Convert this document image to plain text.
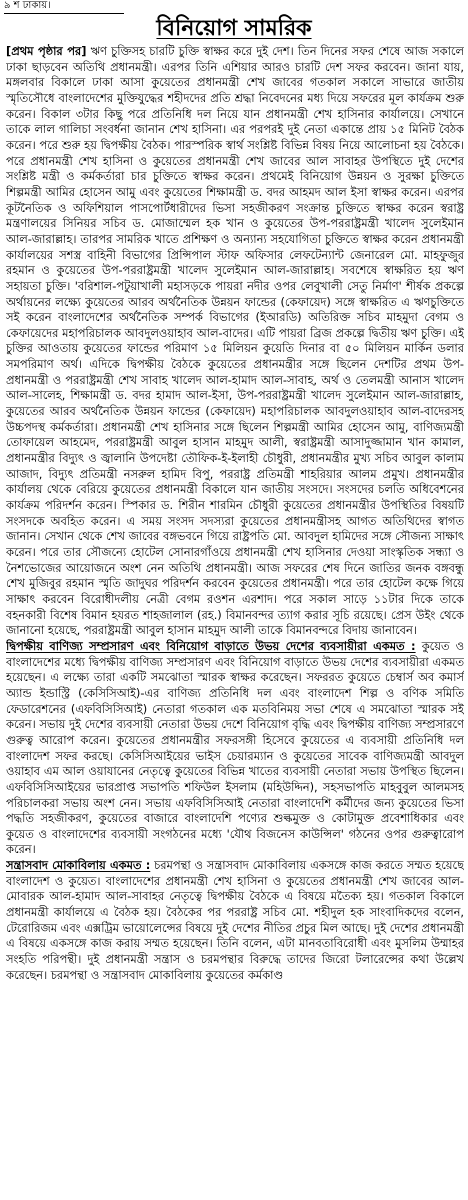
৯ শ ঢাকায়।
বিনিয়োগ সামরিক

[প্রথম পৃষ্ঠার পর] ঋণ চুক্তিসহ চারটি চুক্তি স্বাক্ষর করে দুই দেশ। তিন দিনের সফর শেষে আজ সকালে ঢাকা ছাড়বেন অতিথি প্রধানমন্ত্রী। এরপর তিনি এশিয়ার আরও চারটি দেশ সফর করবেন। জানা যায়, মঙ্গলবার বিকালে ঢাকা আসা কুয়েতের প্রধানমন্ত্রী শেখ জাবের গতকাল সকালে সাভারে জাতীয় স্মৃতিসৌধে বাংলাদেশের মুক্তিযুদ্ধের শহীদদের প্রতি শ্রদ্ধা নিবেদনের মধ্য দিয়ে সফরের মূল কার্যক্রম শুরু করেন। বিকাল ৩টার কিছু পরে প্রতিনিধি দল নিয়ে যান প্রধানমন্ত্রী শেখ হাসিনার কার্যালয়ে। সেখানে তাকে লাল গালিচা সংবর্ধনা জানান শেখ হাসিনা। এর পরপরই দুই নেতা একান্তে প্রায় ১৫ মিনিট বৈঠক করেন। পরে শুরু হয় দ্বিপক্ষীয় বৈঠক। পারস্পরিক স্বার্থ সংশ্লিষ্ট বিভিন্ন বিষয় নিয়ে আলোচনা হয় বৈঠকে। পরে প্রধানমন্ত্রী শেখ হাসিনা ও কুয়েতের প্রধানমন্ত্রী শেখ জাবের আল সাবাহর উপস্থিতে দুই দেশের সংশ্লিষ্ট মন্ত্রী ও কর্মকর্তারা চার চুক্তিতে স্বাক্ষর করেন। প্রথমেই বিনিয়োগ উন্নয়ন ও সুরক্ষা চুক্তিতে শিল্পমন্ত্রী আমির হোসেন আমু এবং কুয়েতের শিক্ষামন্ত্রী ড. বদর আহমদ আল ইসা স্বাক্ষর করেন। এরপর কূটনৈতিক ও অফিশিয়াল পাসপোর্টধারীদের ভিসা সহজীকরণ সংক্রান্ত চুক্তিতে স্বাক্ষর করেন স্বরাষ্ট্র মন্ত্রণালয়ের সিনিয়র সচিব ড. মোজাম্মেল হক খান ও কুয়েতের উপ-পররাষ্ট্রমন্ত্রী খালেদ সুলেইমান আল-জারাল্লাহ। তারপর সামরিক খাতে প্রশিক্ষণ ও অন্যান্য সহযোগিতা চুক্তিতে স্বাক্ষর করেন প্রধানমন্ত্রী কার্যালয়ের সশস্ত্র বাহিনী বিভাগের প্রিন্সিপাল স্টাফ অফিসার লেফটেন্যান্ট জেনারেল মো. মাহফুজুর রহমান ও কুয়েতের উপ-পররাষ্ট্রমন্ত্রী খালেদ সুলেইমান আল-জারাল্লাহ। সবশেষে স্বাক্ষরিত হয় ঋণ সহায়তা চুক্তি। 'বরিশাল-পটুয়াখালী মহাসড়কে পায়রা নদীর ওপর লেবুখালী সেতু নির্মাণ' শীর্ষক প্রকল্পে অর্থায়নের লক্ষ্যে কুয়েতের আরব অর্থনৈতিক উন্নয়ন ফান্ডের (কেফায়েদ) সঙ্গে স্বাক্ষরিত এ ঋণচুক্তিতে সই করেন বাংলাদেশের অর্থনৈতিক সম্পর্ক বিভাগের (ইআরডি) অতিরিক্ত সচিব মাহমুদা বেগম ও কেফায়েদের মহাপরিচালক আবদুলওয়াহাব আল-বাদের। এটি পায়রা ব্রিজ প্রকল্পে দ্বিতীয় ঋণ চুক্তি। এই চুক্তির আওতায় কুয়েতের ফান্ডের পরিমাণ ১৫ মিলিয়ন কুয়েতি দিনার বা ৫০ মিলিয়ন মার্কিন ডলার সমপরিমাণ অর্থ। এদিকে দ্বিপক্ষীয় বৈঠকে কুয়েতের প্রধানমন্ত্রীর সঙ্গে ছিলেন দেশটির প্রথম উপ-প্রধানমন্ত্রী ও পররাষ্ট্রমন্ত্রী শেখ সাবাহ খালেদ আল-হামাদ আল-সাবাহ, অর্থ ও তেলমন্ত্রী আনাস খালেদ আল-সালেহ, শিক্ষামন্ত্রী ড. বদর হামাদ আল-ইসা, উপ-পররাষ্ট্রমন্ত্রী খালেদ সুলেইমান আল-জারাল্লাহ, কুয়েতের আরব অর্থনৈতিক উন্নয়ন ফান্ডের (কেফায়েদ) মহাপরিচালক আবদুলওয়াহাব আল-বাদেরসহ উচ্চপদস্থ কর্মকর্তারা। প্রধানমন্ত্রী শেখ হাসিনার সঙ্গে ছিলেন শিল্পমন্ত্রী আমির হোসেন আমু, বাণিজ্যমন্ত্রী তোফায়েল আহমেদ, পররাষ্ট্রমন্ত্রী আবুল হাসান মাহমুদ আলী, স্বরাষ্ট্রমন্ত্রী আসাদুজ্জামান খান কামাল, প্রধানমন্ত্রীর বিদ্যুৎ ও জ্বালানি উপদেষ্টা তৌফিক-ই-ইলাহী চৌধুরী, প্রধানমন্ত্রীর মুখ্য সচিব আবুল কালাম আজাদ, বিদ্যুৎ প্রতিমন্ত্রী নসরুল হামিদ বিপু, পররাষ্ট্র প্রতিমন্ত্রী শাহরিয়ার আলম প্রমুখ। প্রধানমন্ত্রীর কার্যালয় থেকে বেরিয়ে কুয়েতের প্রধানমন্ত্রী বিকালে যান জাতীয় সংসদে। সংসদের চলতি অধিবেশনের কার্যক্রম পরিদর্শন করেন। স্পিকার ড. শিরীন শারমিন চৌধুরী কুয়েতের প্রধানমন্ত্রীর উপস্থিতির বিষয়টি সংসদকে অবহিত করেন। এ সময় সংসদ সদস্যরা কুয়েতের প্রধানমন্ত্রীসহ আগত অতিথিদের স্বাগত জানান। সেখান থেকে শেখ জাবের বঙ্গভবনে গিয়ে রাষ্ট্রপতি মো. আবদুল হামিদের সঙ্গে সৌজন্য সাক্ষাৎ করেন। পরে তার সৌজন্যে হোটেল সোনারগাঁওয়ে প্রধানমন্ত্রী শেখ হাসিনার দেওয়া সাংস্কৃতিক সন্ধ্যা ও নৈশভোজের আয়োজনে অংশ নেন অতিথি প্রধানমন্ত্রী। আজ সফরের শেষ দিনে জাতির জনক বঙ্গবন্ধু শেখ মুজিবুর রহমান স্মৃতি জাদুঘর পরিদর্শন করবেন কুয়েতের প্রধানমন্ত্রী। পরে তার হোটেল কক্ষে গিয়ে সাক্ষাৎ করবেন বিরোধীদলীয় নেত্রী বেগম রওশন এরশাদ। পরে সকাল সাড়ে ১১টার দিকে তাকে বহনকারী বিশেষ বিমান হযরত শাহজালাল (রহ.) বিমানবন্দর ত্যাগ করার সূচি রয়েছে। প্রেস উইং থেকে জানানো হয়েছে, পররাষ্ট্রমন্ত্রী আবুল হাসান মাহমুদ আলী তাকে বিমানবন্দরে বিদায় জানাবেন।

দ্বিপক্ষীয় বাণিজ্য সম্প্রসারণ এবং বিনিয়োগ বাড়াতে উভয় দেশের ব্যবসায়ীরা একমত : কুয়েত ও বাংলাদেশের মধ্যে দ্বিপক্ষীয় বাণিজ্য সম্প্রসারণ এবং বিনিয়োগ বাড়াতে উভয় দেশের ব্যবসায়ীরা একমত হয়েছেন। এ লক্ষ্যে তারা একটি সমঝোতা স্মারক স্বাক্ষর করেছেন। সফররত কুয়েতে চেম্বার্স অব কমার্স অ্যান্ড ইন্ডাস্ট্রি (কেসিসিআই)-এর বাণিজ্য প্রতিনিধি দল এবং বাংলাদেশ শিল্প ও বণিক সমিতি ফেডারেশনের (এফবিসিসিআই) নেতারা গতকাল এক মতবিনিময় সভা শেষে এ সমঝোতা স্মারক সই করেন। সভায় দুই দেশের ব্যবসায়ী নেতারা উভয় দেশে বিনিয়োগ বৃদ্ধি এবং দ্বিপক্ষীয় বাণিজ্য সম্প্রসারণে গুরুত্ব আরোপ করেন। কুয়েতের প্রধানমন্ত্রীর সফরসঙ্গী হিসেবে কুয়েতের এ ব্যবসায়ী প্রতিনিধি দল বাংলাদেশ সফর করছে। কেসিসিআইয়ের ভাইস চেয়ারম্যান ও কুয়েতের সাবেক বাণিজ্যমন্ত্রী আবদুল ওয়াহাব এম আল ওয়াযানের নেতৃত্বে কুয়েতের বিভিন্ন খাতের ব্যবসায়ী নেতারা সভায় উপস্থিত ছিলেন। এফবিসিসিআইয়ের ভারপ্রাপ্ত সভাপতি শফিউল ইসলাম (মহিউদ্দিন), সহসভাপতি মাহবুবুল আলমসহ পরিচালকরা সভায় অংশ নেন। সভায় এফবিসিসিআই নেতারা বাংলাদেশি কর্মীদের জন্য কুয়েতের ভিসা পদ্ধতি সহজীকরণ, কুয়েতের বাজারে বাংলাদেশি পণ্যের শুল্কমুক্ত ও কোটামুক্ত প্রবেশাধিকার এবং কুয়েত ও বাংলাদেশের ব্যবসায়ী সংগঠনের মধ্যে 'যৌথ বিজনেস কাউন্সিল' গঠনের ওপর গুরুত্বারোপ করেন।

সন্ত্রাসবাদ মোকাবিলায় একমত : চরমপন্থা ও সন্ত্রাসবাদ মোকাবিলায় একসঙ্গে কাজ করতে সম্মত হয়েছে বাংলাদেশ ও কুয়েত। বাংলাদেশের প্রধানমন্ত্রী শেখ হাসিনা ও কুয়েতের প্রধানমন্ত্রী শেখ জাবের আল-মোবারক আল-হামাদ আল-সাবাহর নেতৃত্বে দ্বিপক্ষীয় বৈঠকে এ বিষয়ে মতৈক্য হয়। গতকাল বিকালে প্রধানমন্ত্রী কার্যালয়ে এ বৈঠক হয়। বৈঠকের পর পররাষ্ট্র সচিব মো. শহীদুল হক সাংবাদিকদের বলেন, টেরোরিজম এবং এক্সট্রিম ভায়োলেন্সের বিষয়ে দুই দেশের নীতির প্রচুর মিল আছে। দুই দেশের প্রধানমন্ত্রী এ বিষয়ে একসঙ্গে কাজ করায় সম্মত হয়েছেন। তিনি বলেন, এটা মানবতাবিরোধী এবং মুসলিম উম্মাহর সংহতি পরিপন্থী। দুই প্রধানমন্ত্রী সন্ত্রাস ও চরমপন্থার বিরুদ্ধে তাদের জিরো টলারেন্সের কথা উল্লেখ করেছেন। চরমপন্থা ও সন্ত্রাসবাদ মোকাবিলায় কুয়েতের কর্মকাণ্ড
